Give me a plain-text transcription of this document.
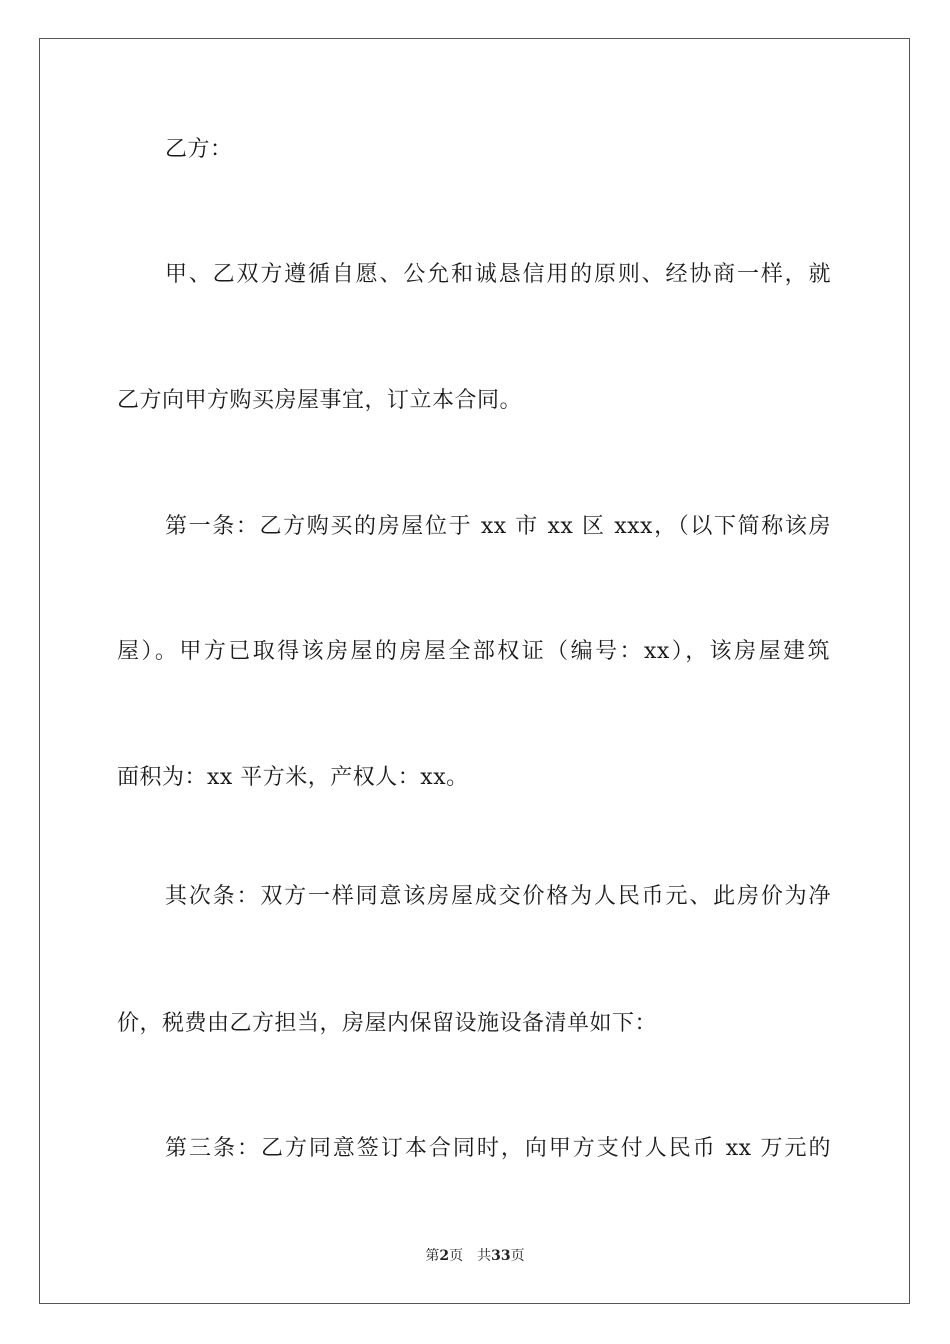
乙方：
甲、乙双方遵循自愿、公允和诚恳信用的原则、经协商一样，就
乙方向甲方购买房屋事宜，订立本合同。
第一条：乙方购买的房屋位于 xx 市 xx 区 xxx，（以下简称该房
屋）。甲方已取得该房屋的房屋全部权证（编号：xx），该房屋建筑
面积为：xx 平方米，产权人：xx。
其次条：双方一样同意该房屋成交价格为人民币元、此房价为净
价，税费由乙方担当，房屋内保留设施设备清单如下：
第三条：乙方同意签订本合同时，向甲方支付人民币 xx 万元的
第2页 共33页
